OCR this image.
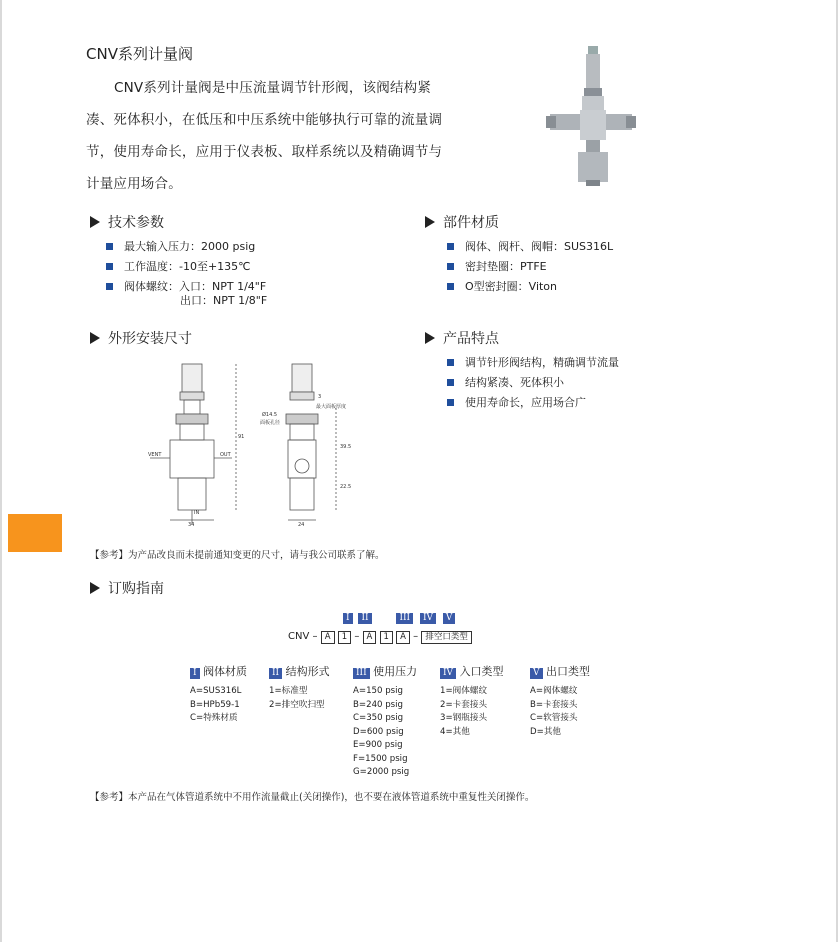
CNV系列计量阀
CNV系列计量阀是中压流量调节针形阀，该阀结构紧凑、死体积小，在低压和中压系统中能够执行可靠的流量调节，使用寿命长，应用于仪表板、取样系统以及精确调节与计量应用场合。
技术参数
最大输入压力：2000 psig
工作温度：-10至+135℃
阀体螺纹：入口：NPT 1/4"F
出口：NPT 1/8"F
部件材质
阀体、阀杆、阀帽：SUS316L
密封垫圈：PTFE
O型密封圈：Viton
外形安装尺寸	产品特点
调节针形阀结构，精确调节流量
结构紧凑、死体积小
使用寿命长，应用场合广
VENT	OUT
IN
34
91
Ø14.5
面板孔径
3
最大面板厚度
39.5
22.5
24
【参考】为产品改良而未提前通知变更的尺寸，请与我公司联系了解。
订购指南
I II	III IV V
CNV – A 1 – A 1 A – 排空口类型
I 阀体材质
A=SUS316L
B=HPb59-1
C=特殊材质
II 结构形式
1=标准型
2=排空吹扫型
III 使用压力
A=150 psig
B=240 psig
C=350 psig
D=600 psig
E=900 psig
F=1500 psig
G=2000 psig
IV 入口类型
1=阀体螺纹
2=卡套接头
3=钢瓶接头
4=其他
V 出口类型
A=阀体螺纹
B=卡套接头
C=软管接头
D=其他
【参考】本产品在气体管道系统中不用作流量截止(关闭操作)，也不要在液体管道系统中重复性关闭操作。
